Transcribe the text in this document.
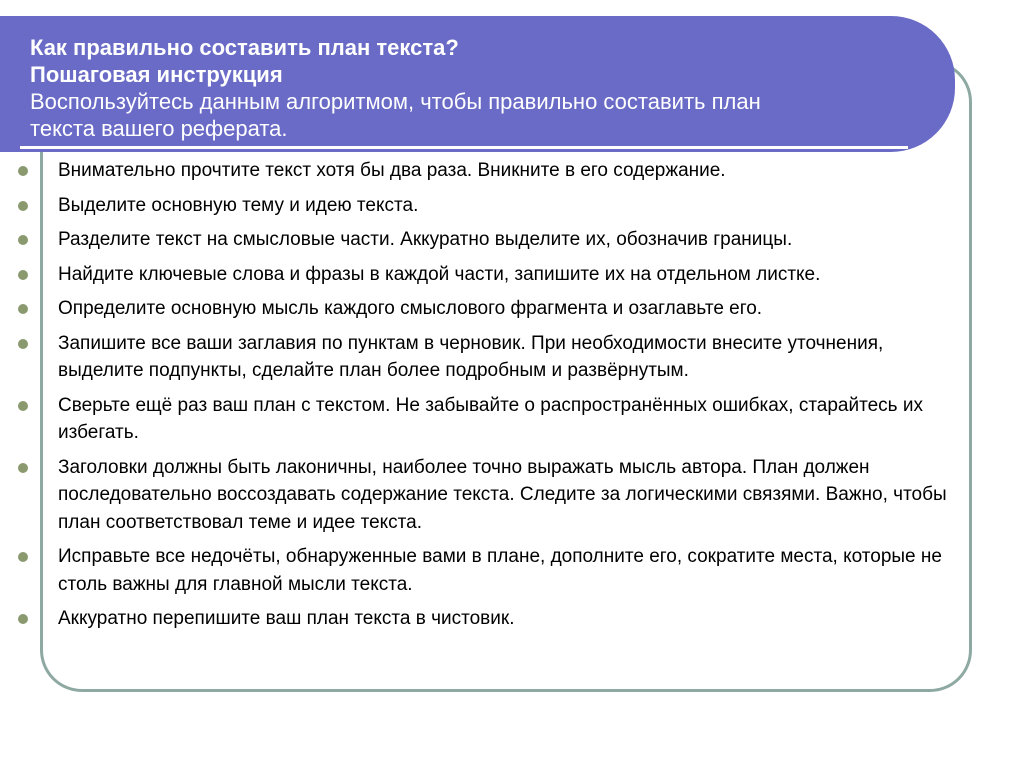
Как правильно составить план текста?
Пошаговая инструкция
Воспользуйтесь данным алгоритмом, чтобы правильно составить план
текста вашего реферата.
Внимательно прочтите текст хотя бы два раза. Вникните в его содержание.
Выделите основную тему и идею текста.
Разделите текст на смысловые части. Аккуратно выделите их, обозначив границы.
Найдите ключевые слова и фразы в каждой части, запишите их на отдельном листке.
Определите основную мысль каждого смыслового фрагмента и озаглавьте его.
Запишите все ваши заглавия по пунктам в черновик. При необходимости внесите уточнения, выделите подпункты, сделайте план более подробным и развёрнутым.
Сверьте ещё раз ваш план с текстом. Не забывайте о распространённых ошибках, старайтесь их избегать.
Заголовки должны быть лаконичны, наиболее точно выражать мысль автора. План должен последовательно воссоздавать содержание текста. Следите за логическими связями. Важно, чтобы план соответствовал теме и идее текста.
Исправьте все недочёты, обнаруженные вами в плане, дополните его, сократите места, которые не столь важны для главной мысли текста.
Аккуратно перепишите ваш план текста в чистовик.
